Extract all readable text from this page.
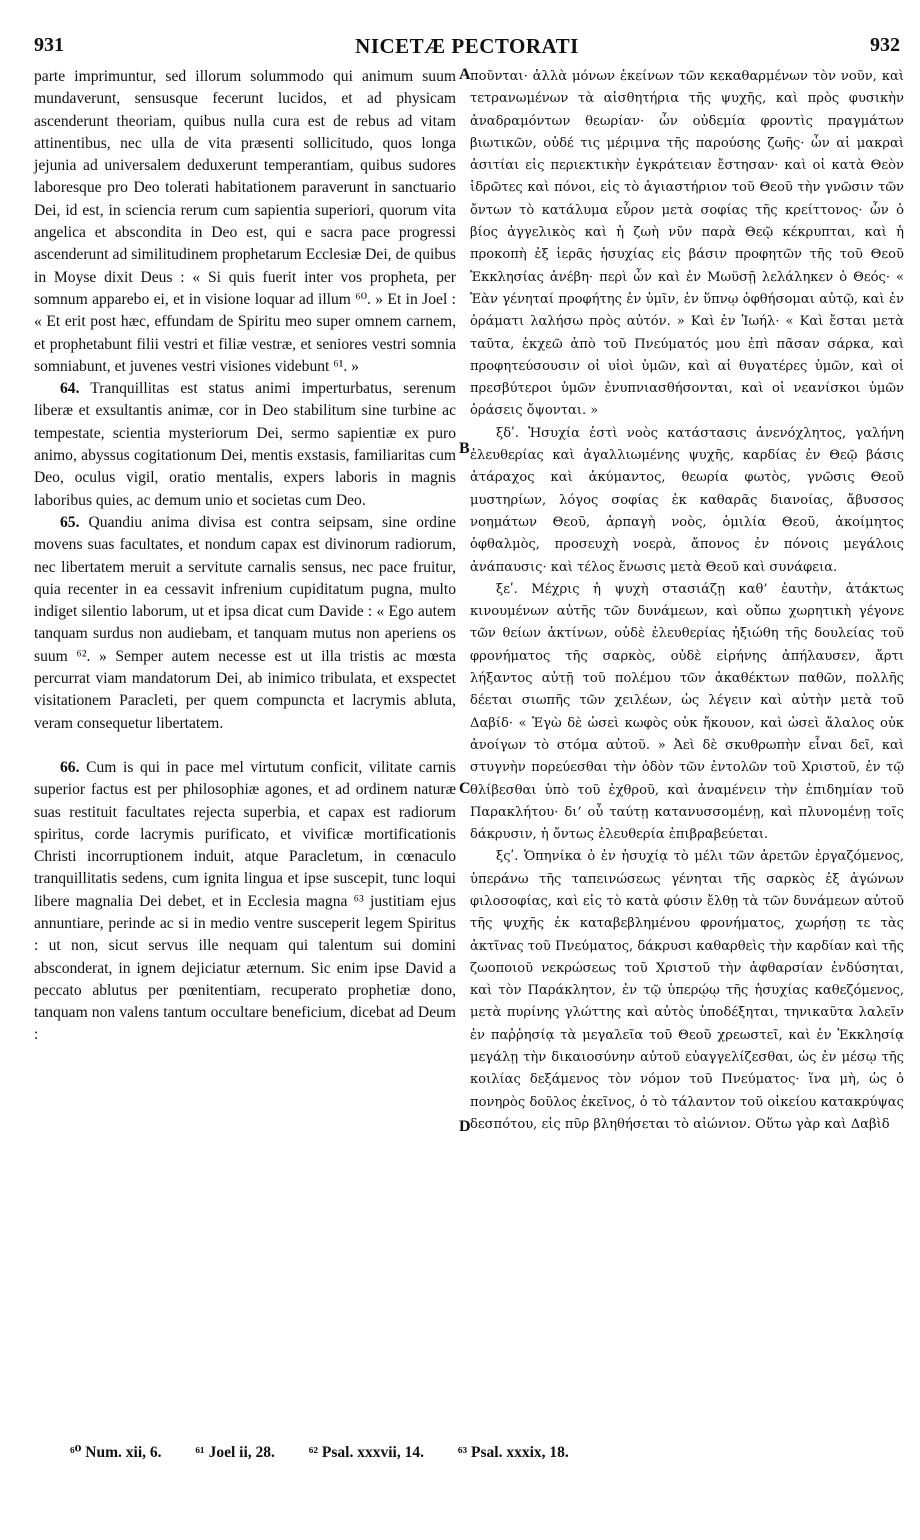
931	NICETÆ PECTORATI	932

parte imprimuntur, sed illorum solummodo qui animum suum mundaverunt, sensusque fecerunt lucidos, et ad physicam ascenderunt theoriam, quibus nulla cura est de rebus ad vitam attinentibus, nec ulla de vita præsenti sollicitudo, quos longa jejunia ad universalem deduxerunt temperantiam, quibus sudores laboresque pro Deo tolerati habitationem paraverunt in sanctuario Dei, id est, in sciencia rerum cum sapientia superiori, quorum vita angelica et abscondita in Deo est, qui e sacra pace progressi ascenderunt ad similitudinem prophetarum Ecclesiæ Dei, de quibus in Moyse dixit Deus : « Si quis fuerit inter vos propheta, per somnum apparebo ei, et in visione loquar ad illum ⁶⁰. » Et in Joel : « Et erit post hæc, effundam de Spiritu meo super omnem carnem, et prophetabunt filii vestri et filiæ vestræ, et seniores vestri somnia somniabunt, et juvenes vestri visiones videbunt ⁶¹. »

64. Tranquillitas est status animi imperturbatus, serenum liberæ et exsultantis animæ, cor in Deo stabilitum sine turbine ac tempestate, scientia mysteriorum Dei, sermo sapientiæ ex puro animo, abyssus cogitationum Dei, mentis exstasis, familiaritas cum Deo, oculus vigil, oratio mentalis, expers laboris in magnis laboribus quies, ac demum unio et societas cum Deo.

65. Quandiu anima divisa est contra seipsam, sine ordine movens suas facultates, et nondum capax est divinorum radiorum, nec libertatem meruit a servitute carnalis sensus, nec pace fruitur, quia recenter in ea cessavit infrenium cupiditatum pugna, multo indiget silentio laborum, ut et ipsa dicat cum Davide : « Ego autem tanquam surdus non audiebam, et tanquam mutus non aperiens os suum ⁶². » Semper autem necesse est ut illa tristis ac mœsta percurrat viam mandatorum Dei, ab inimico tribulata, et exspectet visitationem Paracleti, per quem compuncta et lacrymis abluta, veram consequetur libertatem.

66. Cum is qui in pace mel virtutum conficit, vilitate carnis superior factus est per philosophiæ agones, et ad ordinem naturæ suas restituit facultates rejecta superbia, et capax est radiorum spiritus, corde lacrymis purificato, et vivificæ mortificationis Christi incorruptionem induit, atque Paracletum, in cœnaculo tranquillitatis sedens, cum ignita lingua et ipse suscepit, tunc loqui libere magnalia Dei debet, et in Ecclesia magna ⁶³ justitiam ejus annuntiare, perinde ac si in medio ventre susceperit legem Spiritus : ut non, sicut servus ille nequam qui talentum sui domini absconderat, in ignem dejiciatur æternum. Sic enim ipse David a peccato ablutus per pœnitentiam, recuperato prophetiæ dono, tanquam non valens tantum occultare beneficium, dicebat ad Deum :

A
B
C
D

ποῦνται· ἀλλὰ μόνων ἐκείνων τῶν κεκαθαρμένων τὸν νοῦν, καὶ τετρανωμένων τὰ αἰσθητήρια τῆς ψυχῆς, καὶ πρὸς φυσικὴν ἀναδραμόντων θεωρίαν· ὧν οὐδεμία φροντὶς πραγμάτων βιωτικῶν, οὐδέ τις μέριμνα τῆς παρούσης ζωῆς· ὧν αἱ μακραὶ ἀσιτίαι εἰς περιεκτικὴν ἐγκράτειαν ἔστησαν· καὶ οἱ κατὰ Θεὸν ἱδρῶτες καὶ πόνοι, εἰς τὸ ἁγιαστήριον τοῦ Θεοῦ τὴν γνῶσιν τῶν ὄντων τὸ κατάλυμα εὗρον μετὰ σοφίας τῆς κρείττονος· ὧν ὁ βίος ἀγγελικὸς καὶ ἡ ζωὴ νῦν παρὰ Θεῷ κέκρυπται, καὶ ἡ προκοπὴ ἐξ ἱερᾶς ἡσυχίας εἰς βάσιν προφητῶν τῆς τοῦ Θεοῦ Ἐκκλησίας ἀνέβη· περὶ ὧν καὶ ἐν Μωϋσῇ λελάληκεν ὁ Θεός· « Ἐὰν γένηταί προφήτης ἐν ὑμῖν, ἐν ὕπνῳ ὀφθήσομαι αὐτῷ, καὶ ἐν ὁράματι λαλήσω πρὸς αὐτόν. » Καὶ ἐν Ἰωήλ· « Καὶ ἔσται μετὰ ταῦτα, ἐκχεῶ ἀπὸ τοῦ Πνεύματός μου ἐπὶ πᾶσαν σάρκα, καὶ προφητεύσουσιν οἱ υἱοὶ ὑμῶν, καὶ αἱ θυγατέρες ὑμῶν, καὶ οἱ πρεσβύτεροι ὑμῶν ἐνυπνιασθήσονται, καὶ οἱ νεανίσκοι ὑμῶν ὁράσεις ὄψονται. »

ξδʹ. Ἡσυχία ἐστὶ νοὸς κατάστασις ἀνενόχλητος, γαλήνη ἐλευθερίας καὶ ἀγαλλιωμένης ψυχῆς, καρδίας ἐν Θεῷ βάσις ἀτάραχος καὶ ἀκύμαντος, θεωρία φωτὸς, γνῶσις Θεοῦ μυστηρίων, λόγος σοφίας ἐκ καθαρᾶς διανοίας, ἄβυσσος νοημάτων Θεοῦ, ἁρπαγὴ νοὸς, ὁμιλία Θεοῦ, ἀκοίμητος ὀφθαλμὸς, προσευχὴ νοερὰ, ἄπονος ἐν πόνοις μεγάλοις ἀνάπαυσις· καὶ τέλος ἕνωσις μετὰ Θεοῦ καὶ συνάφεια.

ξεʹ. Μέχρις ἡ ψυχὴ στασιάζῃ καθ’ ἑαυτὴν, ἀτάκτως κινουμένων αὐτῆς τῶν δυνάμεων, καὶ οὔπω χωρητικὴ γέγονε τῶν θείων ἀκτίνων, οὐδὲ ἐλευθερίας ἠξιώθη τῆς δουλείας τοῦ φρονήματος τῆς σαρκὸς, οὐδὲ εἰρήνης ἀπήλαυσεν, ἄρτι λήξαντος αὐτῇ τοῦ πολέμου τῶν ἀκαθέκτων παθῶν, πολλῆς δέεται σιωπῆς τῶν χειλέων, ὡς λέγειν καὶ αὐτὴν μετὰ τοῦ Δαβίδ· « Ἐγὼ δὲ ὡσεὶ κωφὸς οὐκ ἤκουον, καὶ ὡσεὶ ἄλαλος οὐκ ἀνοίγων τὸ στόμα αὐτοῦ. » Ἀεὶ δὲ σκυθρωπὴν εἶναι δεῖ, καὶ στυγνὴν πορεύεσθαι τὴν ὁδὸν τῶν ἐντολῶν τοῦ Χριστοῦ, ἐν τῷ θλίβεσθαι ὑπὸ τοῦ ἐχθροῦ, καὶ ἀναμένειν τὴν ἐπιδημίαν τοῦ Παρακλήτου· δι’ οὗ ταύτῃ κατανυσσομένῃ, καὶ πλυνομένῃ τοῖς δάκρυσιν, ἡ ὄντως ἐλευθερία ἐπιβραβεύεται.

ξςʹ. Ὁπηνίκα ὁ ἐν ἡσυχίᾳ τὸ μέλι τῶν ἀρετῶν ἐργαζόμενος, ὑπεράνω τῆς ταπεινώσεως γένηται τῆς σαρκὸς ἐξ ἀγώνων φιλοσοφίας, καὶ εἰς τὸ κατὰ φύσιν ἔλθῃ τὰ τῶν δυνάμεων αὐτοῦ τῆς ψυχῆς ἐκ καταβεβλημένου φρονήματος, χωρήσῃ τε τὰς ἀκτῖνας τοῦ Πνεύματος, δάκρυσι καθαρθεὶς τὴν καρδίαν καὶ τῆς ζωοποιοῦ νεκρώσεως τοῦ Χριστοῦ τὴν ἀφθαρσίαν ἐνδύσηται, καὶ τὸν Παράκλητον, ἐν τῷ ὑπερῴῳ τῆς ἡσυχίας καθεζόμενος, μετὰ πυρίνης γλώττης καὶ αὐτὸς ὑποδέξηται, τηνικαῦτα λαλεῖν ἐν παῤῥησίᾳ τὰ μεγαλεῖα τοῦ Θεοῦ χρεωστεῖ, καὶ ἐν Ἐκκλησίᾳ μεγάλῃ τὴν δικαιοσύνην αὐτοῦ εὐαγγελίζεσθαι, ὡς ἐν μέσῳ τῆς κοιλίας δεξάμενος τὸν νόμον τοῦ Πνεύματος· ἵνα μὴ, ὡς ὁ πονηρὸς δοῦλος ἐκεῖνος, ὁ τὸ τάλαντον τοῦ οἰκείου κατακρύψας δεσπότου, εἰς πῦρ βληθήσεται τὸ αἰώνιον. Οὕτω γὰρ καὶ Δαβὶδ

⁶⁰ Num. xii, 6. ⁶¹ Joel ii, 28. ⁶² Psal. xxxvii, 14. ⁶³ Psal. xxxix, 18.
